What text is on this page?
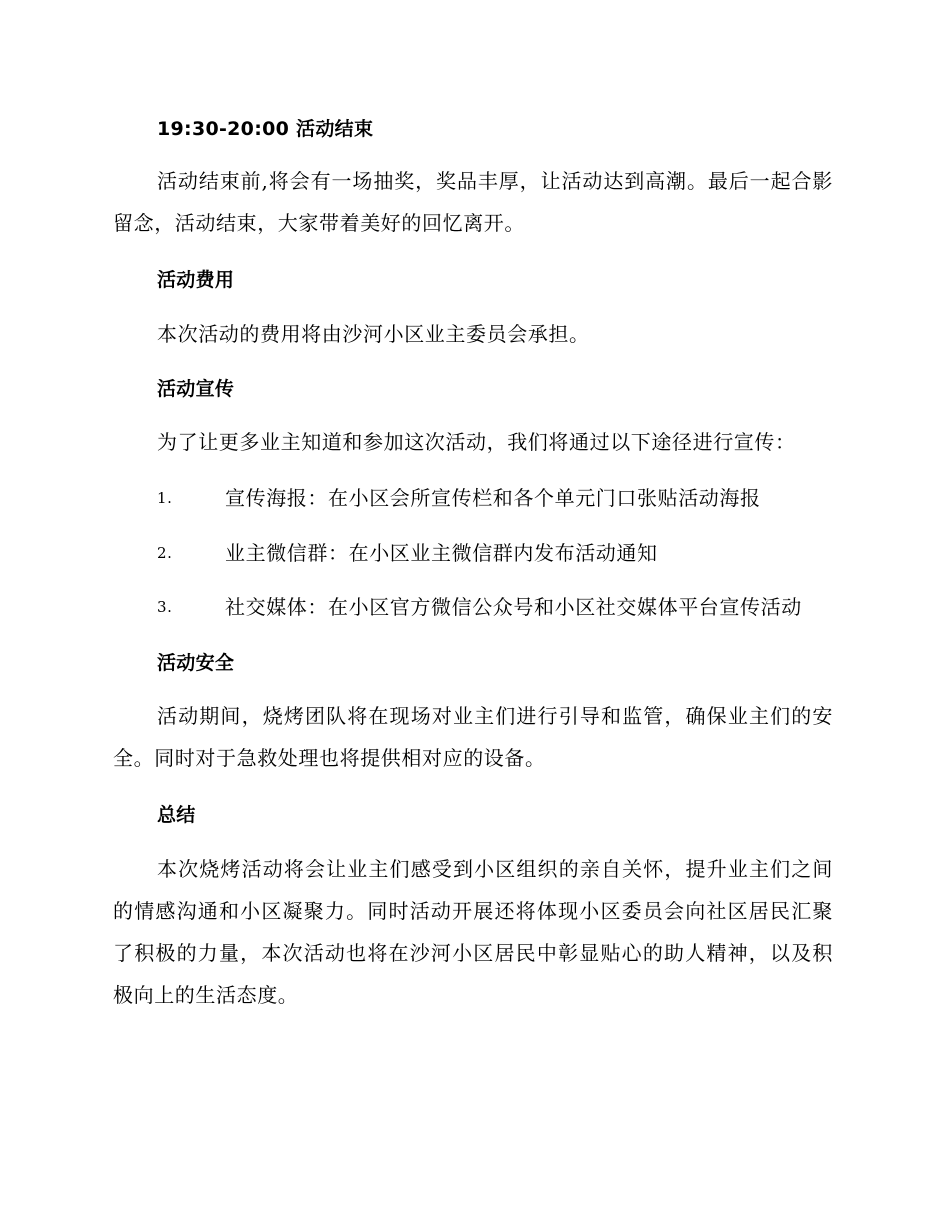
19:30-20:00 活动结束

活动结束前,将会有一场抽奖，奖品丰厚，让活动达到高潮。最后一起合影留念，活动结束，大家带着美好的回忆离开。

活动费用

本次活动的费用将由沙河小区业主委员会承担。

活动宣传

为了让更多业主知道和参加这次活动，我们将通过以下途径进行宣传：

1.	宣传海报：在小区会所宣传栏和各个单元门口张贴活动海报
2.	业主微信群：在小区业主微信群内发布活动通知
3.	社交媒体：在小区官方微信公众号和小区社交媒体平台宣传活动
活动安全

活动期间，烧烤团队将在现场对业主们进行引导和监管，确保业主们的安全。同时对于急救处理也将提供相对应的设备。

总结

本次烧烤活动将会让业主们感受到小区组织的亲自关怀，提升业主们之间的情感沟通和小区凝聚力。同时活动开展还将体现小区委员会向社区居民汇聚了积极的力量，本次活动也将在沙河小区居民中彰显贴心的助人精神，以及积极向上的生活态度。
